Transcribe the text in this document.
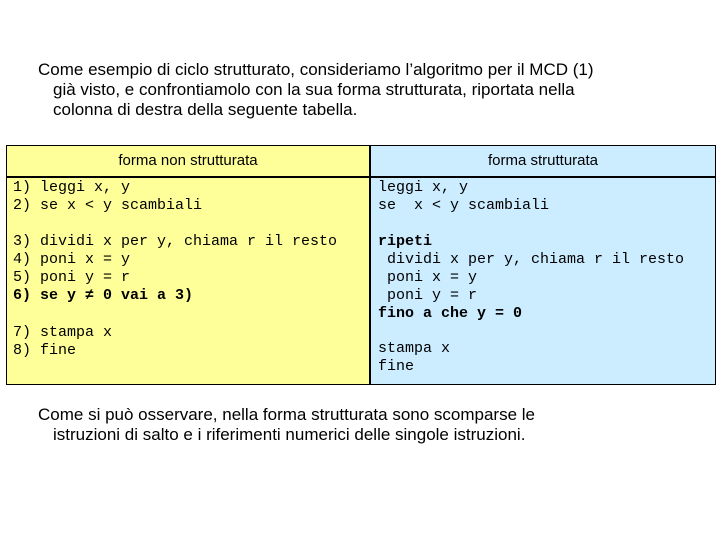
Come esempio di ciclo strutturato, consideriamo l’algoritmo per il MCD (1)
già visto, e confrontiamolo con la sua forma strutturata, riportata nella
colonna di destra della seguente tabella.
forma non strutturata	forma strutturata
1) leggi x, y
2) se x < y scambiali
3) dividi x per y, chiama r il resto
4) poni x = y
5) poni y = r
6) se y ≠ 0 vai a 3)
7) stampa x
8) fine
leggi x, y
se  x < y scambiali
ripeti
dividi x per y, chiama r il resto
poni x = y
poni y = r
fino a che y = 0
stampa x
fine
Come si può osservare, nella forma strutturata sono scomparse le
istruzioni di salto e i riferimenti numerici delle singole istruzioni.
